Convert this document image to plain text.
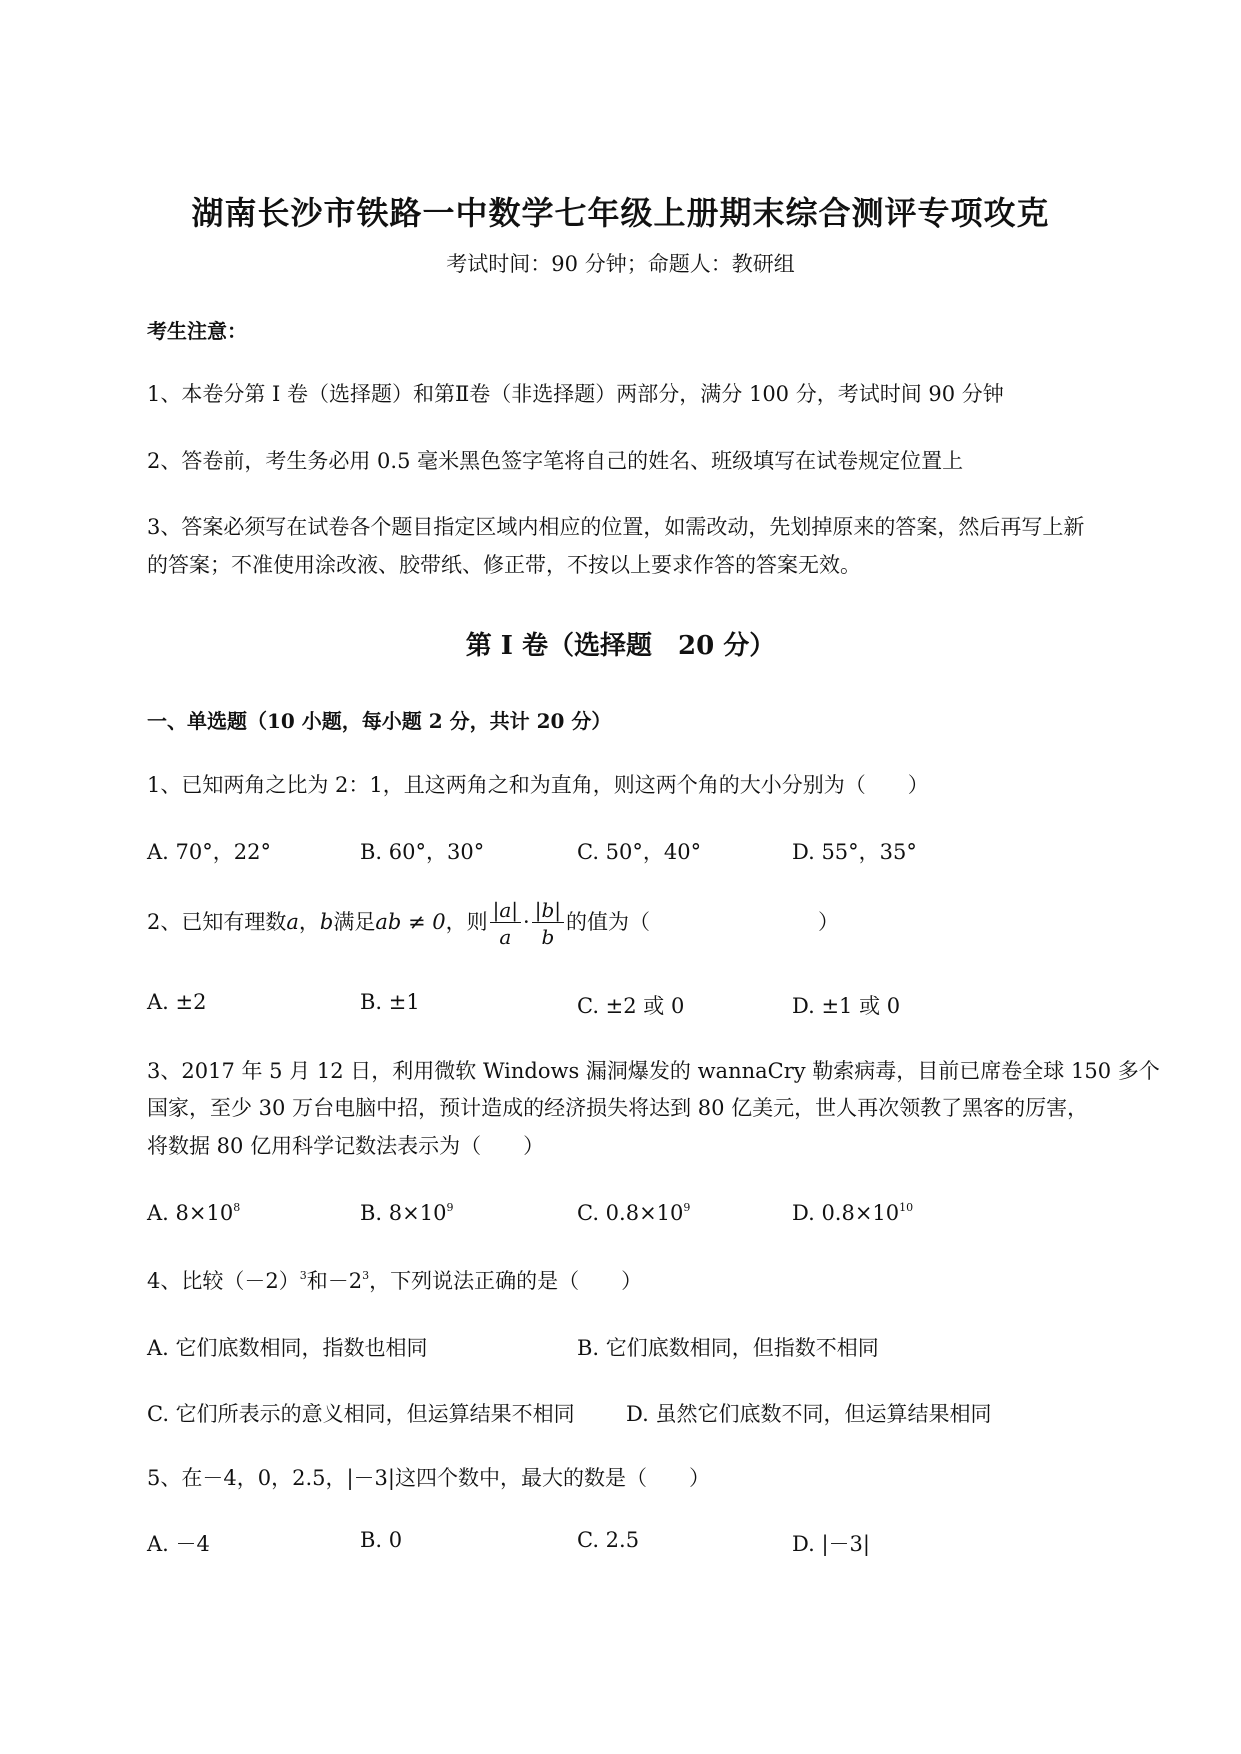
湖南长沙市铁路一中数学七年级上册期末综合测评专项攻克
考试时间：90 分钟；命题人：教研组
考生注意：
1、本卷分第 I 卷（选择题）和第Ⅱ卷（非选择题）两部分，满分 100 分，考试时间 90 分钟
2、答卷前，考生务必用 0.5 毫米黑色签字笔将自己的姓名、班级填写在试卷规定位置上
3、答案必须写在试卷各个题目指定区域内相应的位置，如需改动，先划掉原来的答案，然后再写上新
的答案；不准使用涂改液、胶带纸、修正带，不按以上要求作答的答案无效。
第 I 卷（选择题　20 分）
一、单选题（10 小题，每小题 2 分，共计 20 分）
1、已知两角之比为 2：1，且这两角之和为直角，则这两个角的大小分别为（　　）
A. 70°，22°	B. 60°，30°	C. 50°，40°	D. 55°，35°
2、已知有理数a，b满足ab ≠ 0，则 $\frac{|a|}{a} \cdot \frac{|b|}{b}$ 的值为（　　　　　　　　）
A. ±2	B. ±1	C. ±2 或 0	D. ±1 或 0
3、2017 年 5 月 12 日，利用微软 Windows 漏洞爆发的 wannaCry 勒索病毒，目前已席卷全球 150 多个
国家，至少 30 万台电脑中招，预计造成的经济损失将达到 80 亿美元，世人再次领教了黑客的厉害，
将数据 80 亿用科学记数法表示为（　　）
A. $8\times 10^8$	B. $8\times 10^9$	C. $0.8\times 10^9$	D. $0.8\times 10^{10}$
4、比较$(-2)^3$和$-2^3$，下列说法正确的是（　　）
A. 它们底数相同，指数也相同	B. 它们底数相同，但指数不相同
C. 它们所表示的意义相同，但运算结果不相同 D. 虽然它们底数不同，但运算结果相同
5、在－4，0，2.5，|－3|这四个数中，最大的数是（　　）
A. －4	B. 0	C. 2.5	D. |－3|
